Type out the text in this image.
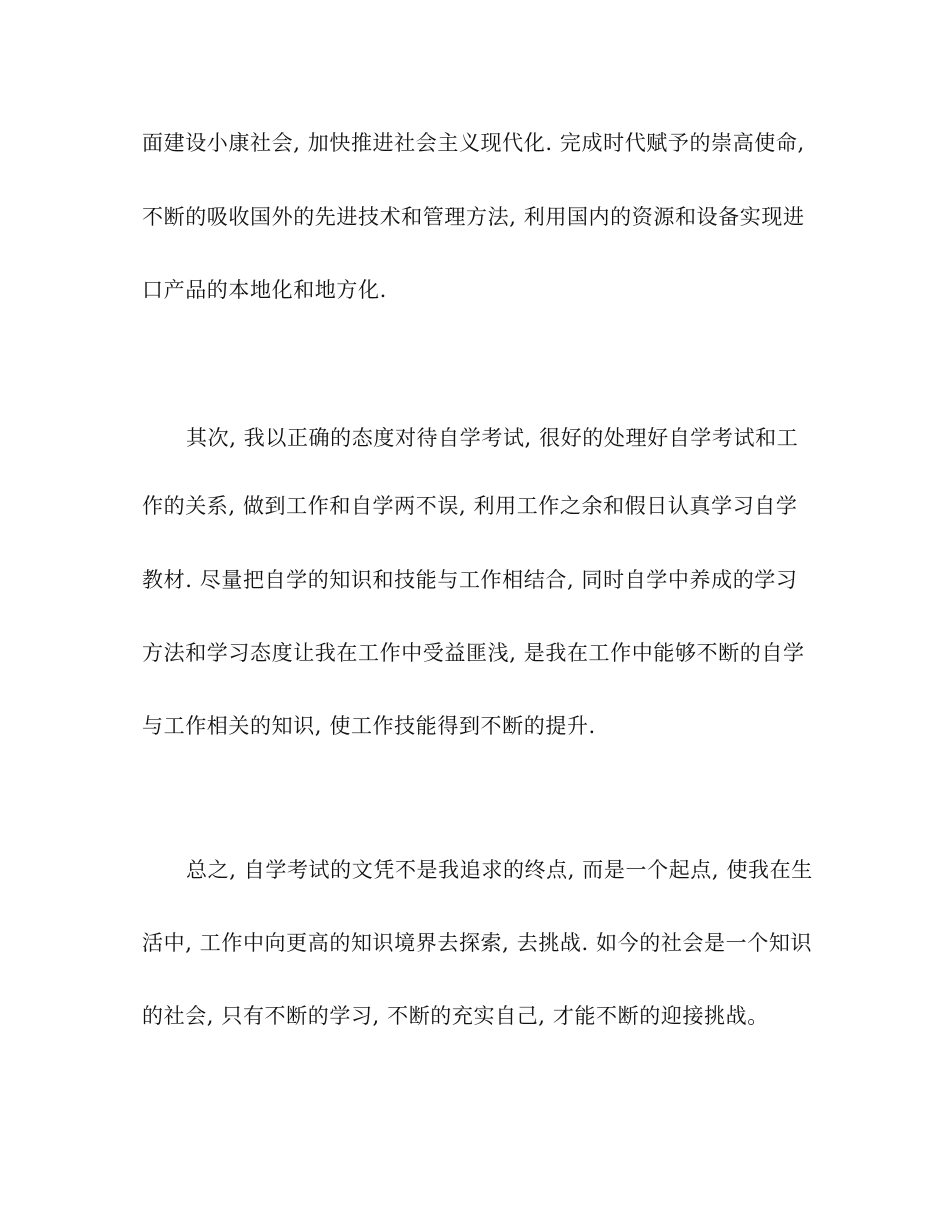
面建设小康社会, 加快推进社会主义现代化. 完成时代赋予的崇高使命,
不断的吸收国外的先进技术和管理方法, 利用国内的资源和设备实现进
口产品的本地化和地方化.
其次, 我以正确的态度对待自学考试, 很好的处理好自学考试和工
作的关系, 做到工作和自学两不误, 利用工作之余和假日认真学习自学
教材. 尽量把自学的知识和技能与工作相结合, 同时自学中养成的学习
方法和学习态度让我在工作中受益匪浅, 是我在工作中能够不断的自学
与工作相关的知识, 使工作技能得到不断的提升.
总之, 自学考试的文凭不是我追求的终点, 而是一个起点, 使我在生
活中, 工作中向更高的知识境界去探索, 去挑战. 如今的社会是一个知识
的社会, 只有不断的学习, 不断的充实自己, 才能不断的迎接挑战。
